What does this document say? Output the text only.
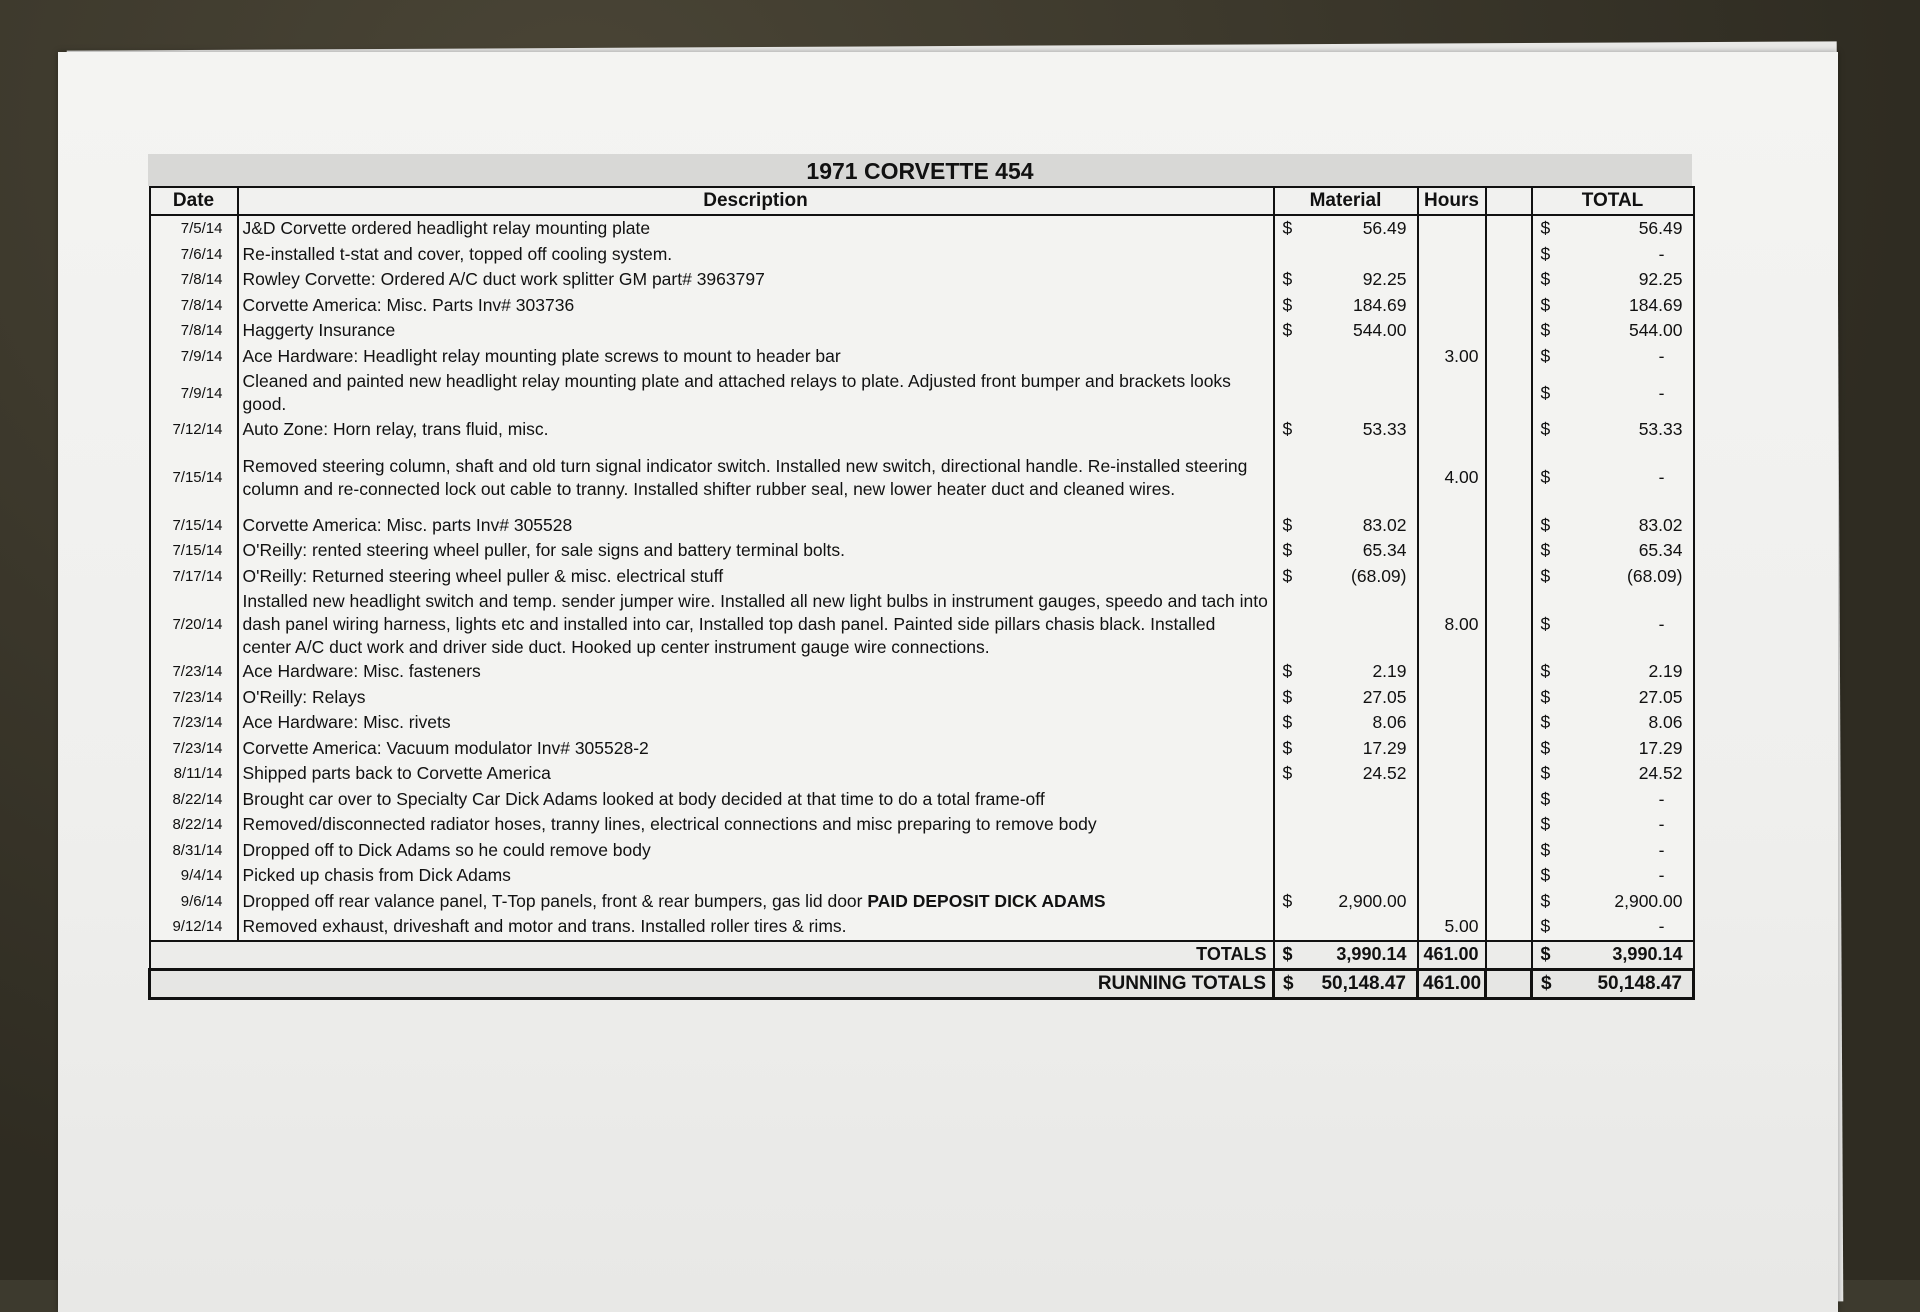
1971 CORVETTE 454
Date	Description	Material	Hours		TOTAL
7/5/14	J&D Corvette ordered headlight relay mounting plate	$ 56.49			$ 56.49
7/6/14	Re-installed t-stat and cover, topped off cooling system.				$ -
7/8/14	Rowley Corvette: Ordered A/C duct work splitter GM part# 3963797	$ 92.25			$ 92.25
7/8/14	Corvette America: Misc. Parts Inv# 303736	$ 184.69			$ 184.69
7/8/14	Haggerty Insurance	$ 544.00			$ 544.00
7/9/14	Ace Hardware: Headlight relay mounting plate screws to mount to header bar		3.00		$ -
7/9/14	Cleaned and painted new headlight relay mounting plate and attached relays to plate. Adjusted front bumper and brackets looks good.				$ -
7/12/14	Auto Zone: Horn relay, trans fluid, misc.	$ 53.33			$ 53.33
7/15/14	Removed steering column, shaft and old turn signal indicator switch. Installed new switch, directional handle. Re-installed steering column and re-connected lock out cable to tranny. Installed shifter rubber seal, new lower heater duct and cleaned wires.		4.00		$ -
7/15/14	Corvette America: Misc. parts Inv# 305528	$ 83.02			$ 83.02
7/15/14	O'Reilly: rented steering wheel puller, for sale signs and battery terminal bolts.	$ 65.34			$ 65.34
7/17/14	O'Reilly: Returned steering wheel puller & misc. electrical stuff	$ (68.09)			$ (68.09)
7/20/14	Installed new headlight switch and temp. sender jumper wire. Installed all new light bulbs in instrument gauges, speedo and tach into dash panel wiring harness, lights etc and installed into car, Installed top dash panel. Painted side pillars chasis black. Installed center A/C duct work and driver side duct. Hooked up center instrument gauge wire connections.		8.00		$ -
7/23/14	Ace Hardware: Misc. fasteners	$ 2.19			$ 2.19
7/23/14	O'Reilly: Relays	$ 27.05			$ 27.05
7/23/14	Ace Hardware: Misc. rivets	$ 8.06			$ 8.06
7/23/14	Corvette America: Vacuum modulator Inv# 305528-2	$ 17.29			$ 17.29
8/11/14	Shipped parts back to Corvette America	$ 24.52			$ 24.52
8/22/14	Brought car over to Specialty Car Dick Adams looked at body decided at that time to do a total frame-off				$ -
8/22/14	Removed/disconnected radiator hoses, tranny lines, electrical connections and misc preparing to remove body				$ -
8/31/14	Dropped off to Dick Adams so he could remove body				$ -
9/4/14	Picked up chasis from Dick Adams				$ -
9/6/14	Dropped off rear valance panel, T-Top panels, front & rear bumpers, gas lid door PAID DEPOSIT DICK ADAMS	$ 2,900.00			$ 2,900.00
9/12/14	Removed exhaust, driveshaft and motor and trans. Installed roller tires & rims.		5.00		$ -
TOTALS		$ 3,990.14	461.00		$ 3,990.14
RUNNING TOTALS		$ 50,148.47	461.00		$ 50,148.47
